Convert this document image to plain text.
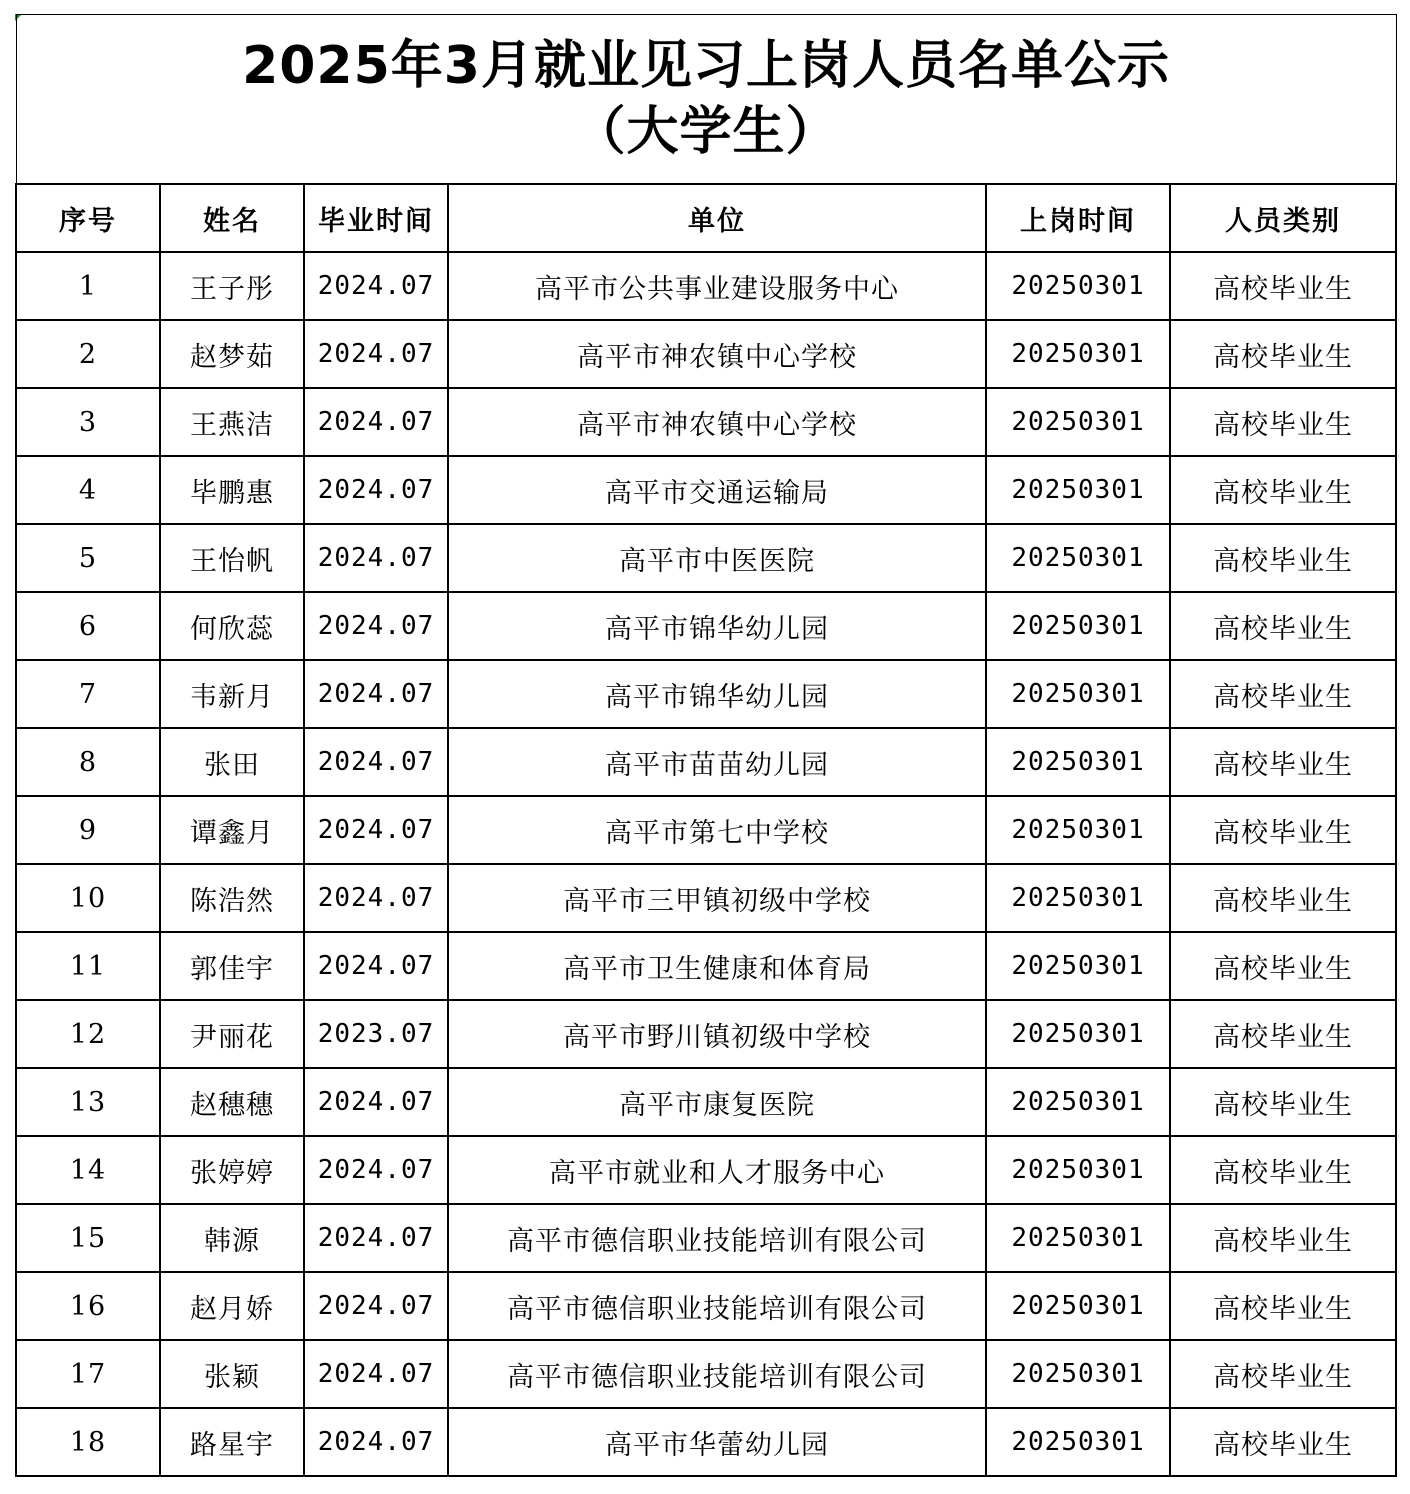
2025年3月就业见习上岗人员名单公示
（大学生）					

序号	姓名	毕业时间	单位	上岗时间	人员类别
1	王子彤	2024.07	高平市公共事业建设服务中心	20250301	高校毕业生
2	赵梦茹	2024.07	高平市神农镇中心学校	20250301	高校毕业生
3	王燕洁	2024.07	高平市神农镇中心学校	20250301	高校毕业生
4	毕鹏惠	2024.07	高平市交通运输局	20250301	高校毕业生
5	王怡帆	2024.07	高平市中医医院	20250301	高校毕业生
6	何欣蕊	2024.07	高平市锦华幼儿园	20250301	高校毕业生
7	韦新月	2024.07	高平市锦华幼儿园	20250301	高校毕业生
8	张田	2024.07	高平市苗苗幼儿园	20250301	高校毕业生
9	谭鑫月	2024.07	高平市第七中学校	20250301	高校毕业生
10	陈浩然	2024.07	高平市三甲镇初级中学校	20250301	高校毕业生
11	郭佳宇	2024.07	高平市卫生健康和体育局	20250301	高校毕业生
12	尹丽花	2023.07	高平市野川镇初级中学校	20250301	高校毕业生
13	赵穗穗	2024.07	高平市康复医院	20250301	高校毕业生
14	张婷婷	2024.07	高平市就业和人才服务中心	20250301	高校毕业生
15	韩源	2024.07	高平市德信职业技能培训有限公司	20250301	高校毕业生
16	赵月娇	2024.07	高平市德信职业技能培训有限公司	20250301	高校毕业生
17	张颖	2024.07	高平市德信职业技能培训有限公司	20250301	高校毕业生
18	路星宇	2024.07	高平市华蕾幼儿园	20250301	高校毕业生
